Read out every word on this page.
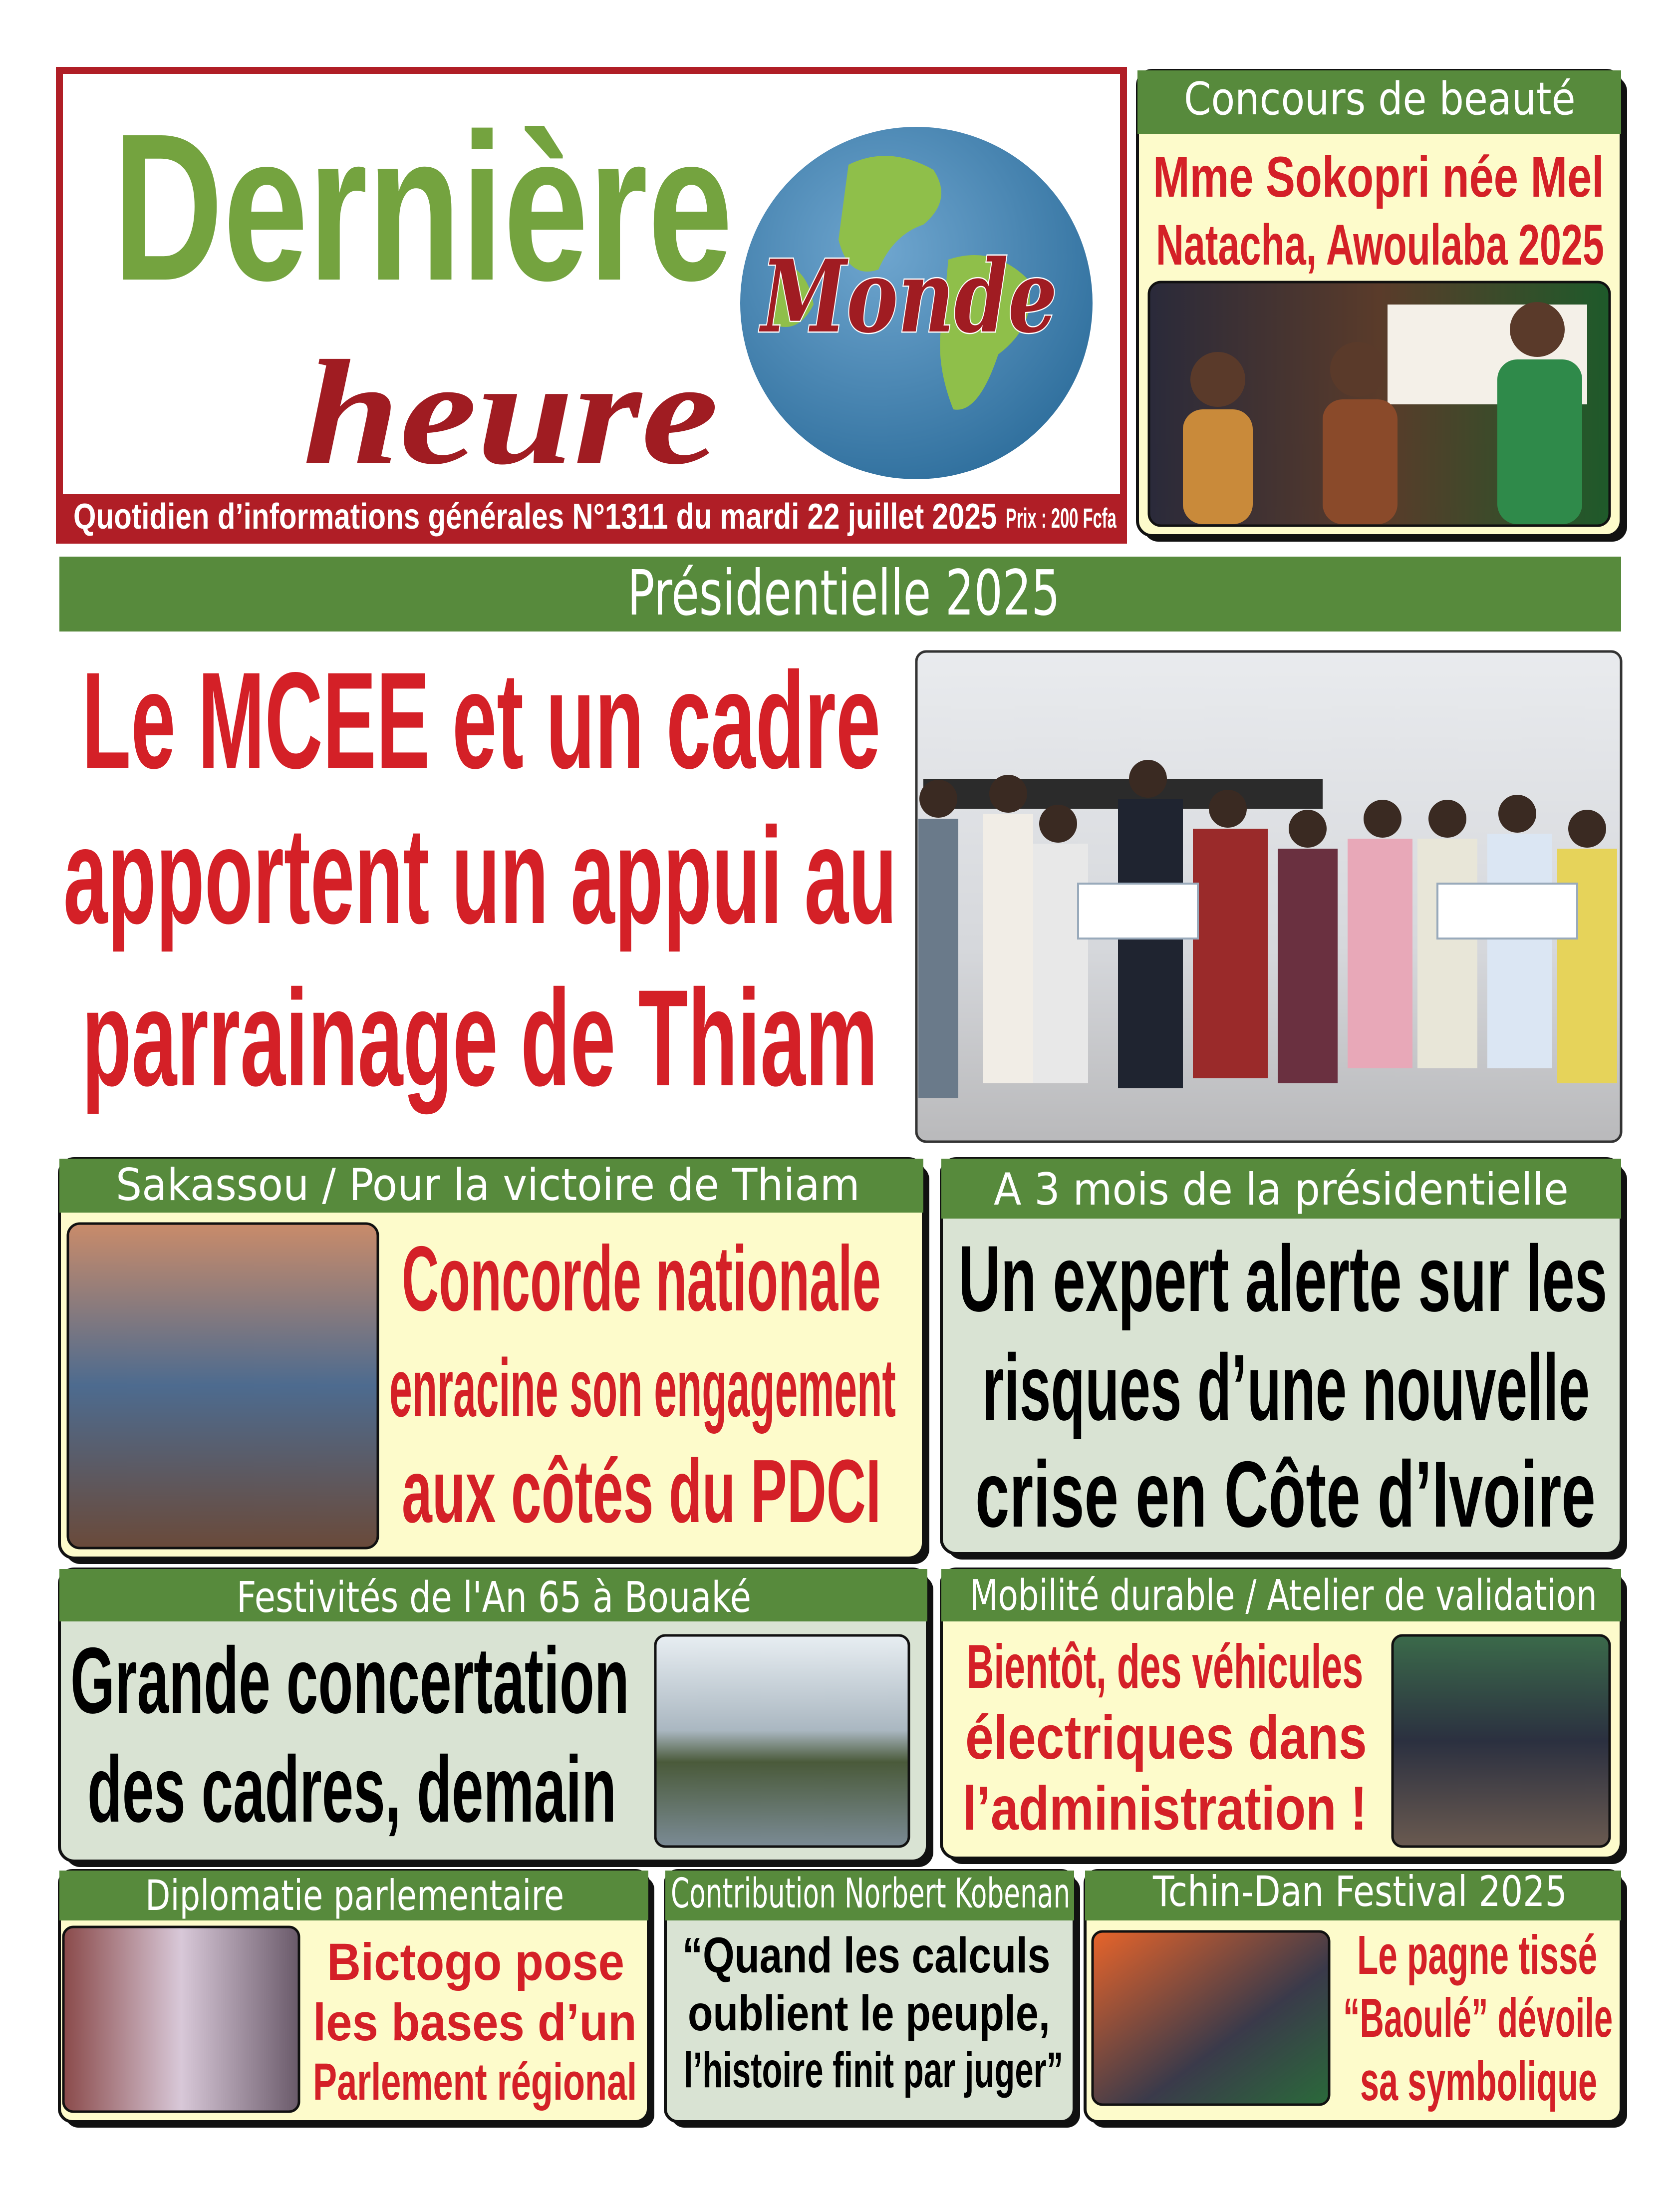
Dernière
heure
Monde
Quotidien d’informations générales N°1311 du mardi 22 juillet 2025 Prix : 200 Fcfa
Concours de beauté
Mme Sokopri née Mel
Natacha, Awoulaba 2025
Présidentielle 2025
Le MCEE et un cadre
apportent un appui au
parrainage de Thiam
Sakassou / Pour la victoire de Thiam
Concorde nationale
enracine son engagement
aux côtés du PDCI
A 3 mois de la présidentielle
Un expert alerte sur les
risques d’une nouvelle
crise en Côte d’Ivoire
Festivités de l'An 65 à Bouaké
Grande concertation
des cadres, demain
Mobilité durable / Atelier de validation
Bientôt, des véhicules
électriques dans
l’administration !
Diplomatie parlementaire
Bictogo pose
les bases d’un
Parlement régional
Contribution Norbert Kobenan
“Quand les calculs
oublient le peuple,
l’histoire finit par juger”
Tchin-Dan Festival 2025
Le pagne tissé
“Baoulé” dévoile
sa symbolique
